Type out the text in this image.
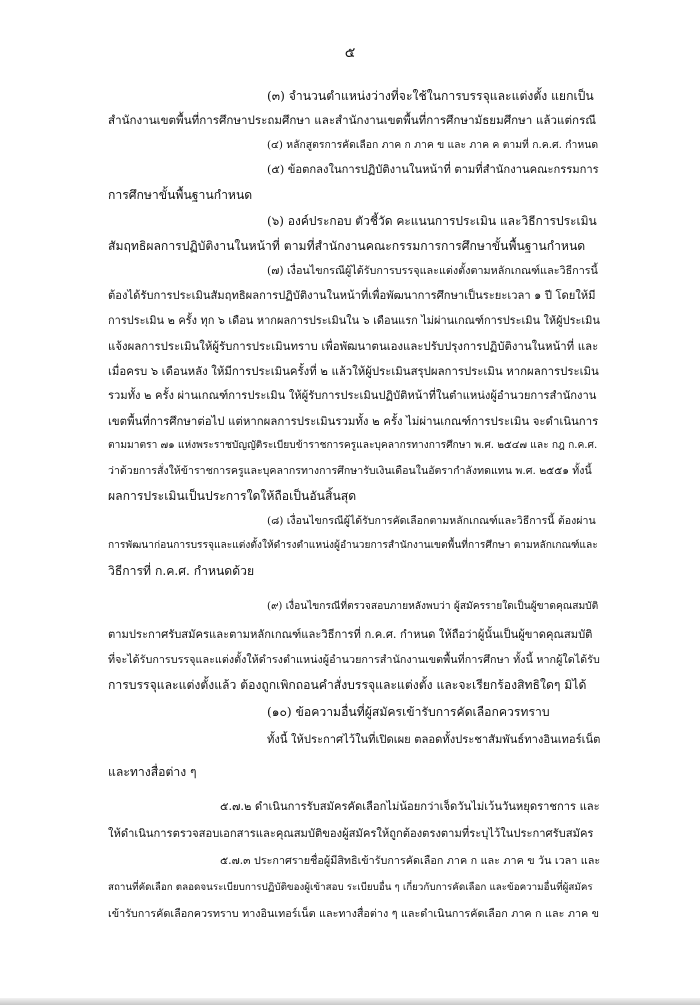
๕
(๓) จำนวนตำแหน่งว่างที่จะใช้ในการบรรจุและแต่งตั้ง แยกเป็น
สำนักงานเขตพื้นที่การศึกษาประถมศึกษา และสำนักงานเขตพื้นที่การศึกษามัธยมศึกษา แล้วแต่กรณี
(๔) หลักสูตรการคัดเลือก ภาค ก ภาค ข และ ภาค ค ตามที่ ก.ค.ศ. กำหนด
(๕) ข้อตกลงในการปฏิบัติงานในหน้าที่ ตามที่สำนักงานคณะกรรมการ
การศึกษาขั้นพื้นฐานกำหนด
(๖) องค์ประกอบ ตัวชี้วัด คะแนนการประเมิน และวิธีการประเมิน
สัมฤทธิผลการปฏิบัติงานในหน้าที่ ตามที่สำนักงานคณะกรรมการการศึกษาขั้นพื้นฐานกำหนด
(๗) เงื่อนไขกรณีผู้ได้รับการบรรจุและแต่งตั้งตามหลักเกณฑ์และวิธีการนี้
ต้องได้รับการประเมินสัมฤทธิผลการปฏิบัติงานในหน้าที่เพื่อพัฒนาการศึกษาเป็นระยะเวลา ๑ ปี โดยให้มี
การประเมิน ๒ ครั้ง ทุก ๖ เดือน หากผลการประเมินใน ๖ เดือนแรก ไม่ผ่านเกณฑ์การประเมิน ให้ผู้ประเมิน
แจ้งผลการประเมินให้ผู้รับการประเมินทราบ เพื่อพัฒนาตนเองและปรับปรุงการปฏิบัติงานในหน้าที่ และ
เมื่อครบ ๖ เดือนหลัง ให้มีการประเมินครั้งที่ ๒ แล้วให้ผู้ประเมินสรุปผลการประเมิน หากผลการประเมิน
รวมทั้ง ๒ ครั้ง ผ่านเกณฑ์การประเมิน ให้ผู้รับการประเมินปฏิบัติหน้าที่ในตำแหน่งผู้อำนวยการสำนักงาน
เขตพื้นที่การศึกษาต่อไป แต่หากผลการประเมินรวมทั้ง ๒ ครั้ง ไม่ผ่านเกณฑ์การประเมิน จะดำเนินการ
ตามมาตรา ๗๑ แห่งพระราชบัญญัติระเบียบข้าราชการครูและบุคลากรทางการศึกษา พ.ศ. ๒๕๔๗ และ กฎ ก.ค.ศ.
ว่าด้วยการสั่งให้ข้าราชการครูและบุคลากรทางการศึกษารับเงินเดือนในอัตรากำลังทดแทน พ.ศ. ๒๕๕๑ ทั้งนี้
ผลการประเมินเป็นประการใดให้ถือเป็นอันสิ้นสุด
(๘) เงื่อนไขกรณีผู้ได้รับการคัดเลือกตามหลักเกณฑ์และวิธีการนี้ ต้องผ่าน
การพัฒนาก่อนการบรรจุและแต่งตั้งให้ดำรงตำแหน่งผู้อำนวยการสำนักงานเขตพื้นที่การศึกษา ตามหลักเกณฑ์และ
วิธีการที่ ก.ค.ศ. กำหนดด้วย
(๙) เงื่อนไขกรณีที่ตรวจสอบภายหลังพบว่า ผู้สมัครรายใดเป็นผู้ขาดคุณสมบัติ
ตามประกาศรับสมัครและตามหลักเกณฑ์และวิธีการที่ ก.ค.ศ. กำหนด ให้ถือว่าผู้นั้นเป็นผู้ขาดคุณสมบัติ
ที่จะได้รับการบรรจุและแต่งตั้งให้ดำรงตำแหน่งผู้อำนวยการสำนักงานเขตพื้นที่การศึกษา ทั้งนี้ หากผู้ใดได้รับ
การบรรจุและแต่งตั้งแล้ว ต้องถูกเพิกถอนคำสั่งบรรจุและแต่งตั้ง และจะเรียกร้องสิทธิใดๆ มิได้
(๑๐) ข้อความอื่นที่ผู้สมัครเข้ารับการคัดเลือกควรทราบ
ทั้งนี้ ให้ประกาศไว้ในที่เปิดเผย ตลอดทั้งประชาสัมพันธ์ทางอินเทอร์เน็ต
และทางสื่อต่าง ๆ
๕.๗.๒ ดำเนินการรับสมัครคัดเลือกไม่น้อยกว่าเจ็ดวันไม่เว้นวันหยุดราชการ และ
ให้ดำเนินการตรวจสอบเอกสารและคุณสมบัติของผู้สมัครให้ถูกต้องตรงตามที่ระบุไว้ในประกาศรับสมัคร
๕.๗.๓ ประกาศรายชื่อผู้มีสิทธิเข้ารับการคัดเลือก ภาค ก และ ภาค ข วัน เวลา และ
สถานที่คัดเลือก ตลอดจนระเบียบการปฏิบัติของผู้เข้าสอบ ระเบียบอื่น ๆ เกี่ยวกับการคัดเลือก และข้อความอื่นที่ผู้สมัคร
เข้ารับการคัดเลือกควรทราบ ทางอินเทอร์เน็ต และทางสื่อต่าง ๆ และดำเนินการคัดเลือก ภาค ก และ ภาค ข
